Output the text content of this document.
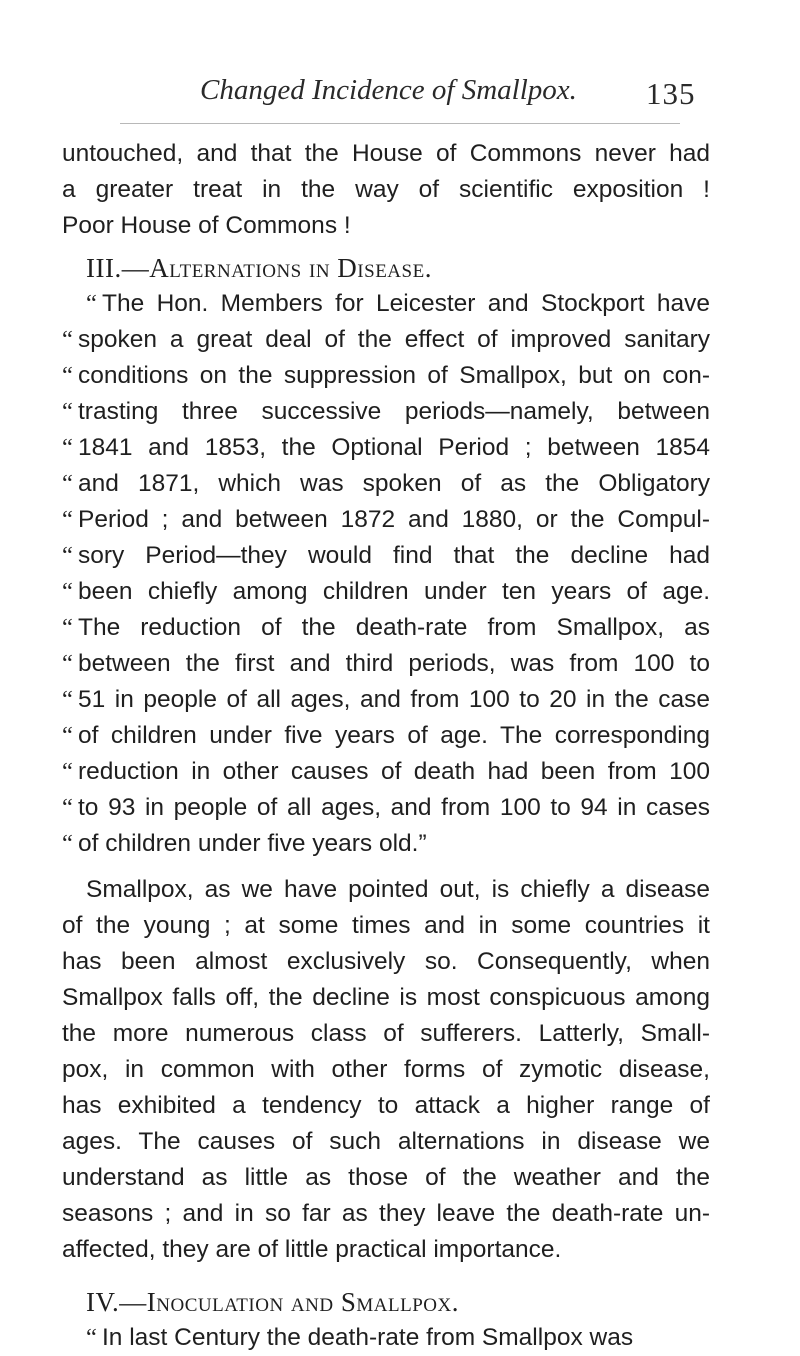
Changed Incidence of Smallpox. 135
untouched, and that the House of Commons never had
a greater treat in the way of scientific exposition !
Poor House of Commons !
III.—Alternations in Disease.
“ The Hon. Members for Leicester and Stockport have
“ spoken a great deal of the effect of improved sanitary
“ conditions on the suppression of Smallpox, but on con-
“ trasting three successive periods—namely, between
“ 1841 and 1853, the Optional Period ; between 1854
“ and 1871, which was spoken of as the Obligatory
“ Period ; and between 1872 and 1880, or the Compul-
“ sory Period—they would find that the decline had
“ been chiefly among children under ten years of age.
“ The reduction of the death-rate from Smallpox, as
“ between the first and third periods, was from 100 to
“ 51 in people of all ages, and from 100 to 20 in the case
“ of children under five years of age. The corresponding
“ reduction in other causes of death had been from 100
“ to 93 in people of all ages, and from 100 to 94 in cases
“ of children under five years old.”
Smallpox, as we have pointed out, is chiefly a disease
of the young ; at some times and in some countries it
has been almost exclusively so. Consequently, when
Smallpox falls off, the decline is most conspicuous among
the more numerous class of sufferers. Latterly, Small-
pox, in common with other forms of zymotic disease,
has exhibited a tendency to attack a higher range of
ages. The causes of such alternations in disease we
understand as little as those of the weather and the
seasons ; and in so far as they leave the death-rate un-
affected, they are of little practical importance.
IV.—Inoculation and Smallpox.
“ In last Century the death-rate from Smallpox was
